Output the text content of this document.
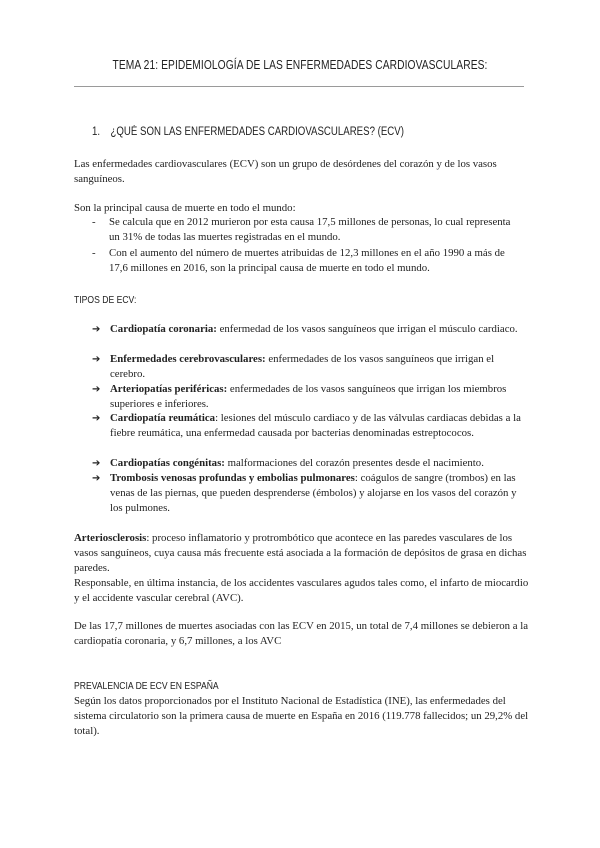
TEMA 21: EPIDEMIOLOGÍA DE LAS ENFERMEDADES CARDIOVASCULARES:
1. ¿QUÉ SON LAS ENFERMEDADES CARDIOVASCULARES? (ECV)
Las enfermedades cardiovasculares (ECV) son un grupo de desórdenes del corazón y de los vasos sanguíneos.
Son la principal causa de muerte en todo el mundo:
- Se calcula que en 2012 murieron por esta causa 17,5 millones de personas, lo cual representa un 31% de todas las muertes registradas en el mundo.
- Con el aumento del número de muertes atribuidas de 12,3 millones en el año 1990 a más de 17,6 millones en 2016, son la principal causa de muerte en todo el mundo.
TIPOS DE ECV:
➔ Cardiopatía coronaria: enfermedad de los vasos sanguíneos que irrigan el músculo cardiaco.
➔ Enfermedades cerebrovasculares: enfermedades de los vasos sanguíneos que irrigan el cerebro.
➔ Arteriopatías periféricas: enfermedades de los vasos sanguíneos que irrigan los miembros superiores e inferiores.
➔ Cardiopatía reumática: lesiones del músculo cardiaco y de las válvulas cardiacas debidas a la fiebre reumática, una enfermedad causada por bacterias denominadas estreptococos.
➔ Cardiopatías congénitas: malformaciones del corazón presentes desde el nacimiento.
➔ Trombosis venosas profundas y embolias pulmonares: coágulos de sangre (trombos) en las venas de las piernas, que pueden desprenderse (émbolos) y alojarse en los vasos del corazón y los pulmones.
Arteriosclerosis: proceso inflamatorio y protrombótico que acontece en las paredes vasculares de los vasos sanguíneos, cuya causa más frecuente está asociada a la formación de depósitos de grasa en dichas paredes.
Responsable, en última instancia, de los accidentes vasculares agudos tales como, el infarto de miocardio y el accidente vascular cerebral (AVC).
De las 17,7 millones de muertes asociadas con las ECV en 2015, un total de 7,4 millones se debieron a la cardiopatía coronaria, y 6,7 millones, a los AVC
PREVALENCIA DE ECV EN ESPAÑA
Según los datos proporcionados por el Instituto Nacional de Estadística (INE), las enfermedades del sistema circulatorio son la primera causa de muerte en España en 2016 (119.778 fallecidos; un 29,2% del total).
